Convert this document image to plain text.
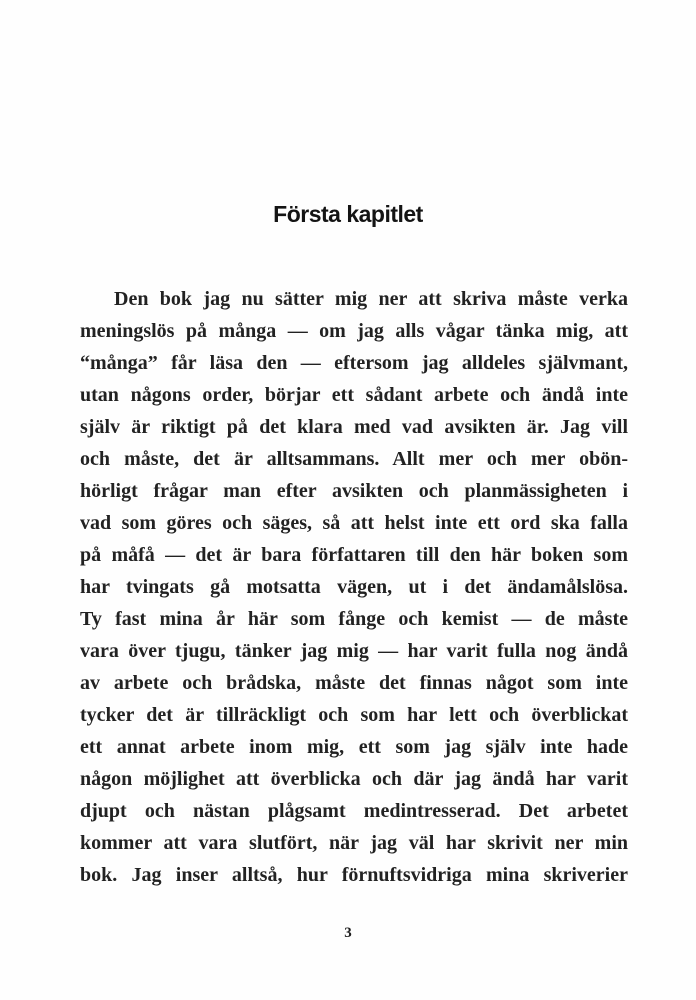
Första kapitlet
Den bok jag nu sätter mig ner att skriva måste verka
meningslös på många — om jag alls vågar tänka mig, att
“många” får läsa den — eftersom jag alldeles självmant,
utan någons order, börjar ett sådant arbete och ändå inte
själv är riktigt på det klara med vad avsikten är. Jag vill
och måste, det är alltsammans. Allt mer och mer obön-
hörligt frågar man efter avsikten och planmässigheten i
vad som göres och säges, så att helst inte ett ord ska falla
på måfå — det är bara författaren till den här boken som
har tvingats gå motsatta vägen, ut i det ändamålslösa.
Ty fast mina år här som fånge och kemist — de måste
vara över tjugu, tänker jag mig — har varit fulla nog ändå
av arbete och brådska, måste det finnas något som inte
tycker det är tillräckligt och som har lett och överblickat
ett annat arbete inom mig, ett som jag själv inte hade
någon möjlighet att överblicka och där jag ändå har varit
djupt och nästan plågsamt medintresserad. Det arbetet
kommer att vara slutfört, när jag väl har skrivit ner min
bok. Jag inser alltså, hur förnuftsvidriga mina skriverier
3
